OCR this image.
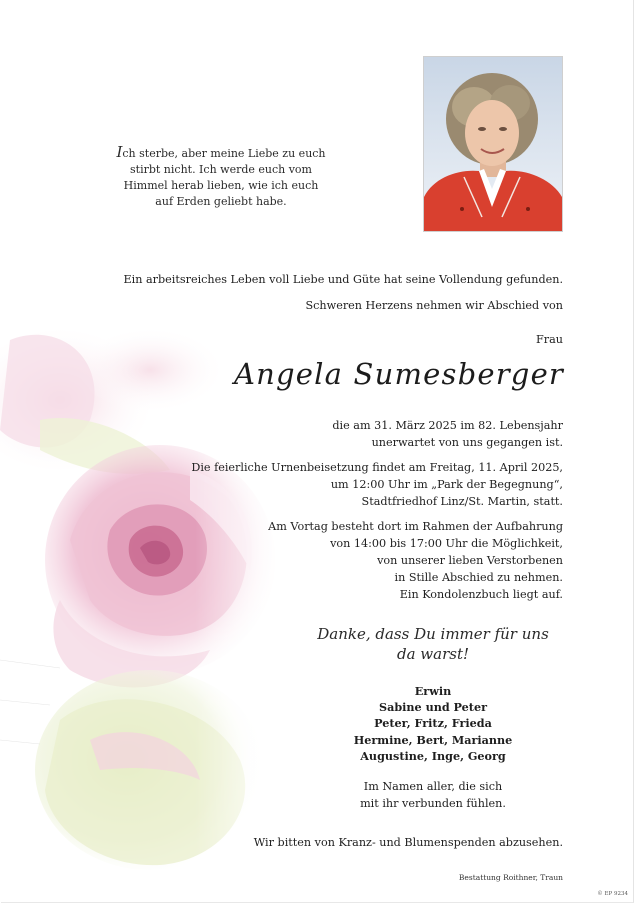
Ich sterbe, aber meine Liebe zu euch
stirbt nicht. Ich werde euch vom
Himmel herab lieben, wie ich euch
auf Erden geliebt habe.
Ein arbeitsreiches Leben voll Liebe und Güte hat seine Vollendung gefunden.
Schweren Herzens nehmen wir Abschied von
Frau
Angela Sumesberger
die am 31. März 2025 im 82. Lebensjahr
unerwartet von uns gegangen ist.
Die feierliche Urnenbeisetzung findet am Freitag, 11. April 2025,
um 12:00 Uhr im „Park der Begegnung“,
Stadtfriedhof Linz/St. Martin, statt.
Am Vortag besteht dort im Rahmen der Aufbahrung
von 14:00 bis 17:00 Uhr die Möglichkeit,
von unserer lieben Verstorbenen
in Stille Abschied zu nehmen.
Ein Kondolenzbuch liegt auf.
Danke, dass Du immer für uns
da warst!
Erwin
Sabine und Peter
Peter, Fritz, Frieda
Hermine, Bert, Marianne
Augustine, Inge, Georg
Im Namen aller, die sich
mit ihr verbunden fühlen.
Wir bitten von Kranz- und Blumenspenden abzusehen.
Bestattung Roithner, Traun
© EP 9234
